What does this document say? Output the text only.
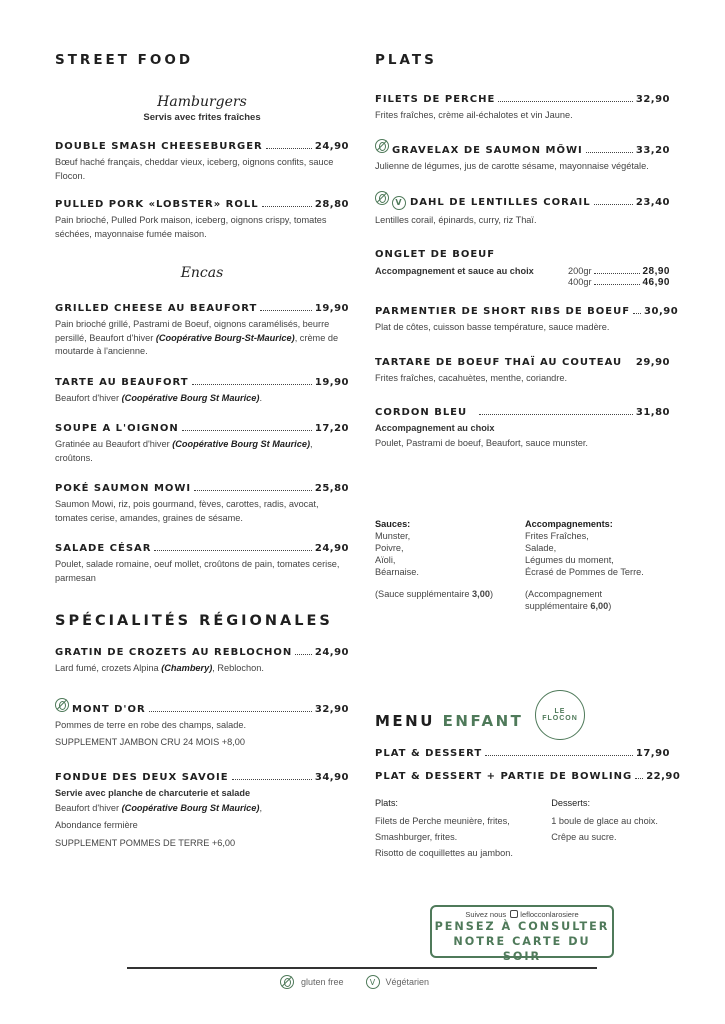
STREET FOOD
Hamburgers
Servis avec frites fraîches
DOUBLE SMASH CHEESEBURGER	24,90
Bœuf haché français, cheddar vieux, iceberg, oignons confits, sauce Flocon.
PULLED PORK «LOBSTER» ROLL	28,80
Pain brioché, Pulled Pork maison, iceberg, oignons crispy, tomates séchées, mayonnaise fumée maison.
Encas
GRILLED CHEESE AU BEAUFORT	19,90
Pain brioché grillé, Pastrami de Boeuf, oignons caramélisés, beurre persillé, Beaufort d'hiver (Coopérative Bourg-St-Maurice), crème de moutarde à l'ancienne.
TARTE AU BEAUFORT	19,90
Beaufort d'hiver (Coopérative Bourg St Maurice).
SOUPE A L'OIGNON	17,20
Gratinée au Beaufort d'hiver (Coopérative Bourg St Maurice), croûtons.
POKÉ SAUMON MOWI	25,80
Saumon Mowi, riz, pois gourmand, fèves, carottes, radis, avocat, tomates cerise, amandes, graines de sésame.
SALADE CÉSAR	24,90
Poulet, salade romaine, oeuf mollet, croûtons de pain, tomates cerise, parmesan
SPÉCIALITÉS RÉGIONALES
GRATIN DE CROZETS AU REBLOCHON 24,90
Lard fumé, crozets Alpina (Chambery), Reblochon.
MONT D'OR	32,90
Pommes de terre en robe des champs, salade.
SUPPLEMENT JAMBON CRU 24 MOIS +8,00
FONDUE DES DEUX SAVOIE	34,90
Servie avec planche de charcuterie et salade
Beaufort d'hiver (Coopérative Bourg St Maurice),
Abondance fermière
SUPPLEMENT POMMES DE TERRE +6,00
PLATS
FILETS DE PERCHE	32,90
Frites fraîches, crème ail-échalotes et vin Jaune.
GRAVELAX DE SAUMON MÕWI	33,20
Julienne de légumes, jus de carotte sésame, mayonnaise végétale.
V DAHL DE LENTILLES CORAIL	23,40
Lentilles corail, épinards, curry, riz Thaï.
ONGLET DE BOEUF
Accompagnement et sauce au choix	200gr	28,90
400gr	46,90
PARMENTIER DE SHORT RIBS DE BOEUF 30,90
Plat de côtes, cuisson basse température, sauce madère.
TARTARE DE BOEUF THAÏ AU COUTEAU 29,90
Frites fraîches, cacahuètes, menthe, coriandre.
CORDON BLEU	31,80
Accompagnement au choix
Poulet, Pastrami de boeuf, Beaufort, sauce munster.
Sauces:
Munster,
Poivre,
Aïoli,
Béarnaise.
(Sauce supplémentaire 3,00)
Accompagnements:
Frites Fraîches,
Salade,
Légumes du moment,
Écrasé de Pommes de Terre.
(Accompagnement
supplémentaire 6,00)
MENU ENFANT
LE FLOCON
PLAT & DESSERT	17,90
PLAT & DESSERT + PARTIE DE BOWLING 22,90
Plats:
Filets de Perche meunière, frites,
Smashburger, frites.
Risotto de coquillettes au jambon.
Desserts:
1 boule de glace au choix.
Crêpe au sucre.
Suivez nous leflocconlarosiere
PENSEZ À CONSULTER
NOTRE CARTE DU SOIR
gluten free	V	Végétarien
